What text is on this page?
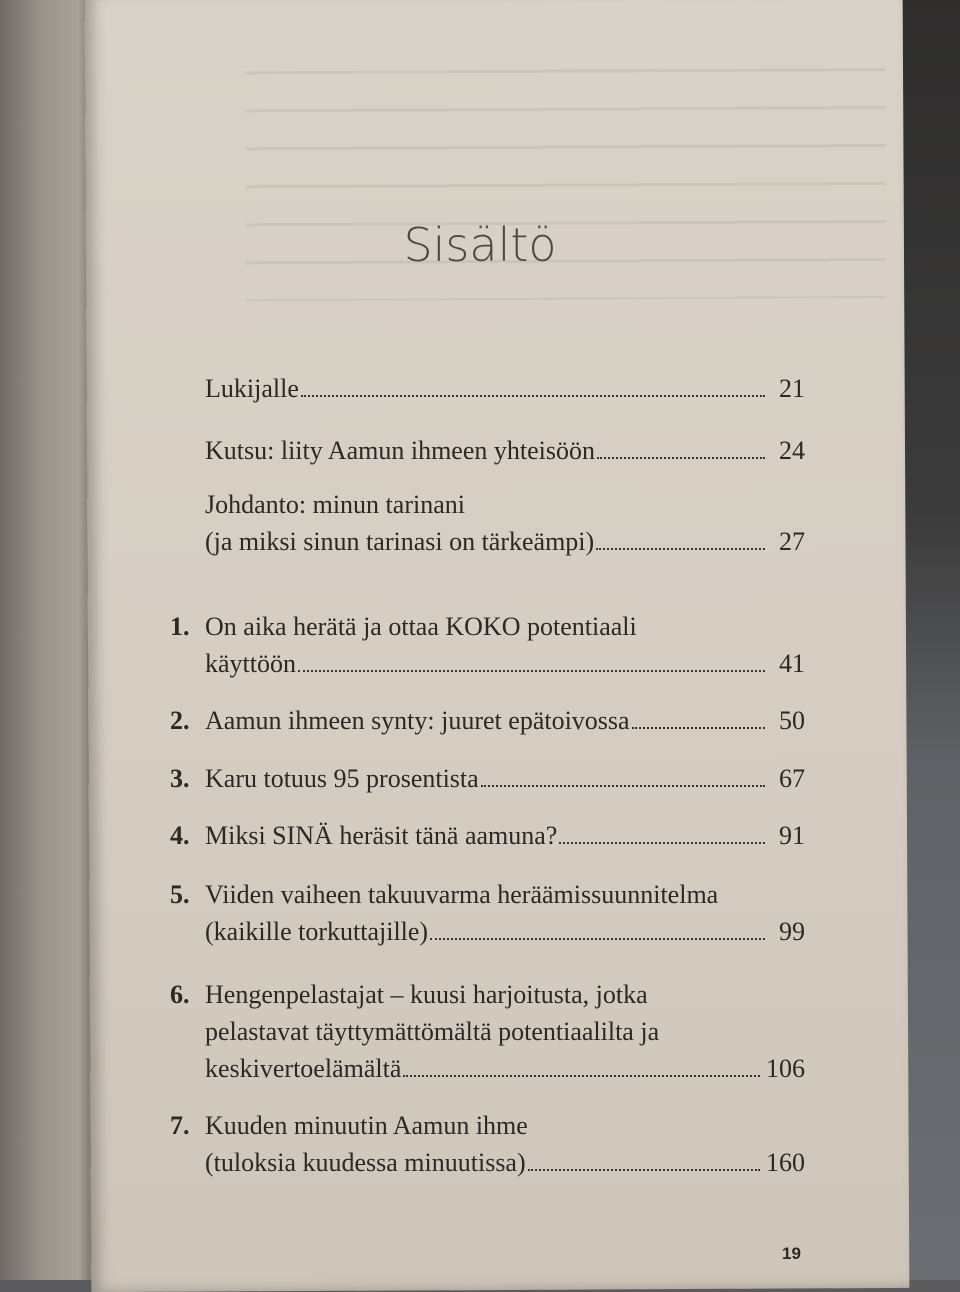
Sisältö
Lukijalle	21
Kutsu: liity Aamun ihmeen yhteisöön	24
Johdanto: minun tarinani
(ja miksi sinun tarinasi on tärkeämpi)	27
1. On aika herätä ja ottaa KOKO potentiaali
käyttöön	41
2. Aamun ihmeen synty: juuret epätoivossa	50
3. Karu totuus 95 prosentista	67
4. Miksi SINÄ heräsit tänä aamuna?	91
5. Viiden vaiheen takuuvarma heräämissuunnitelma
(kaikille torkuttajille)	99
6. Hengenpelastajat – kuusi harjoitusta, jotka
pelastavat täyttymättömältä potentiaalilta ja
keskivertoelämältä	106
7. Kuuden minuutin Aamun ihme
(tuloksia kuudessa minuutissa)	160
19
